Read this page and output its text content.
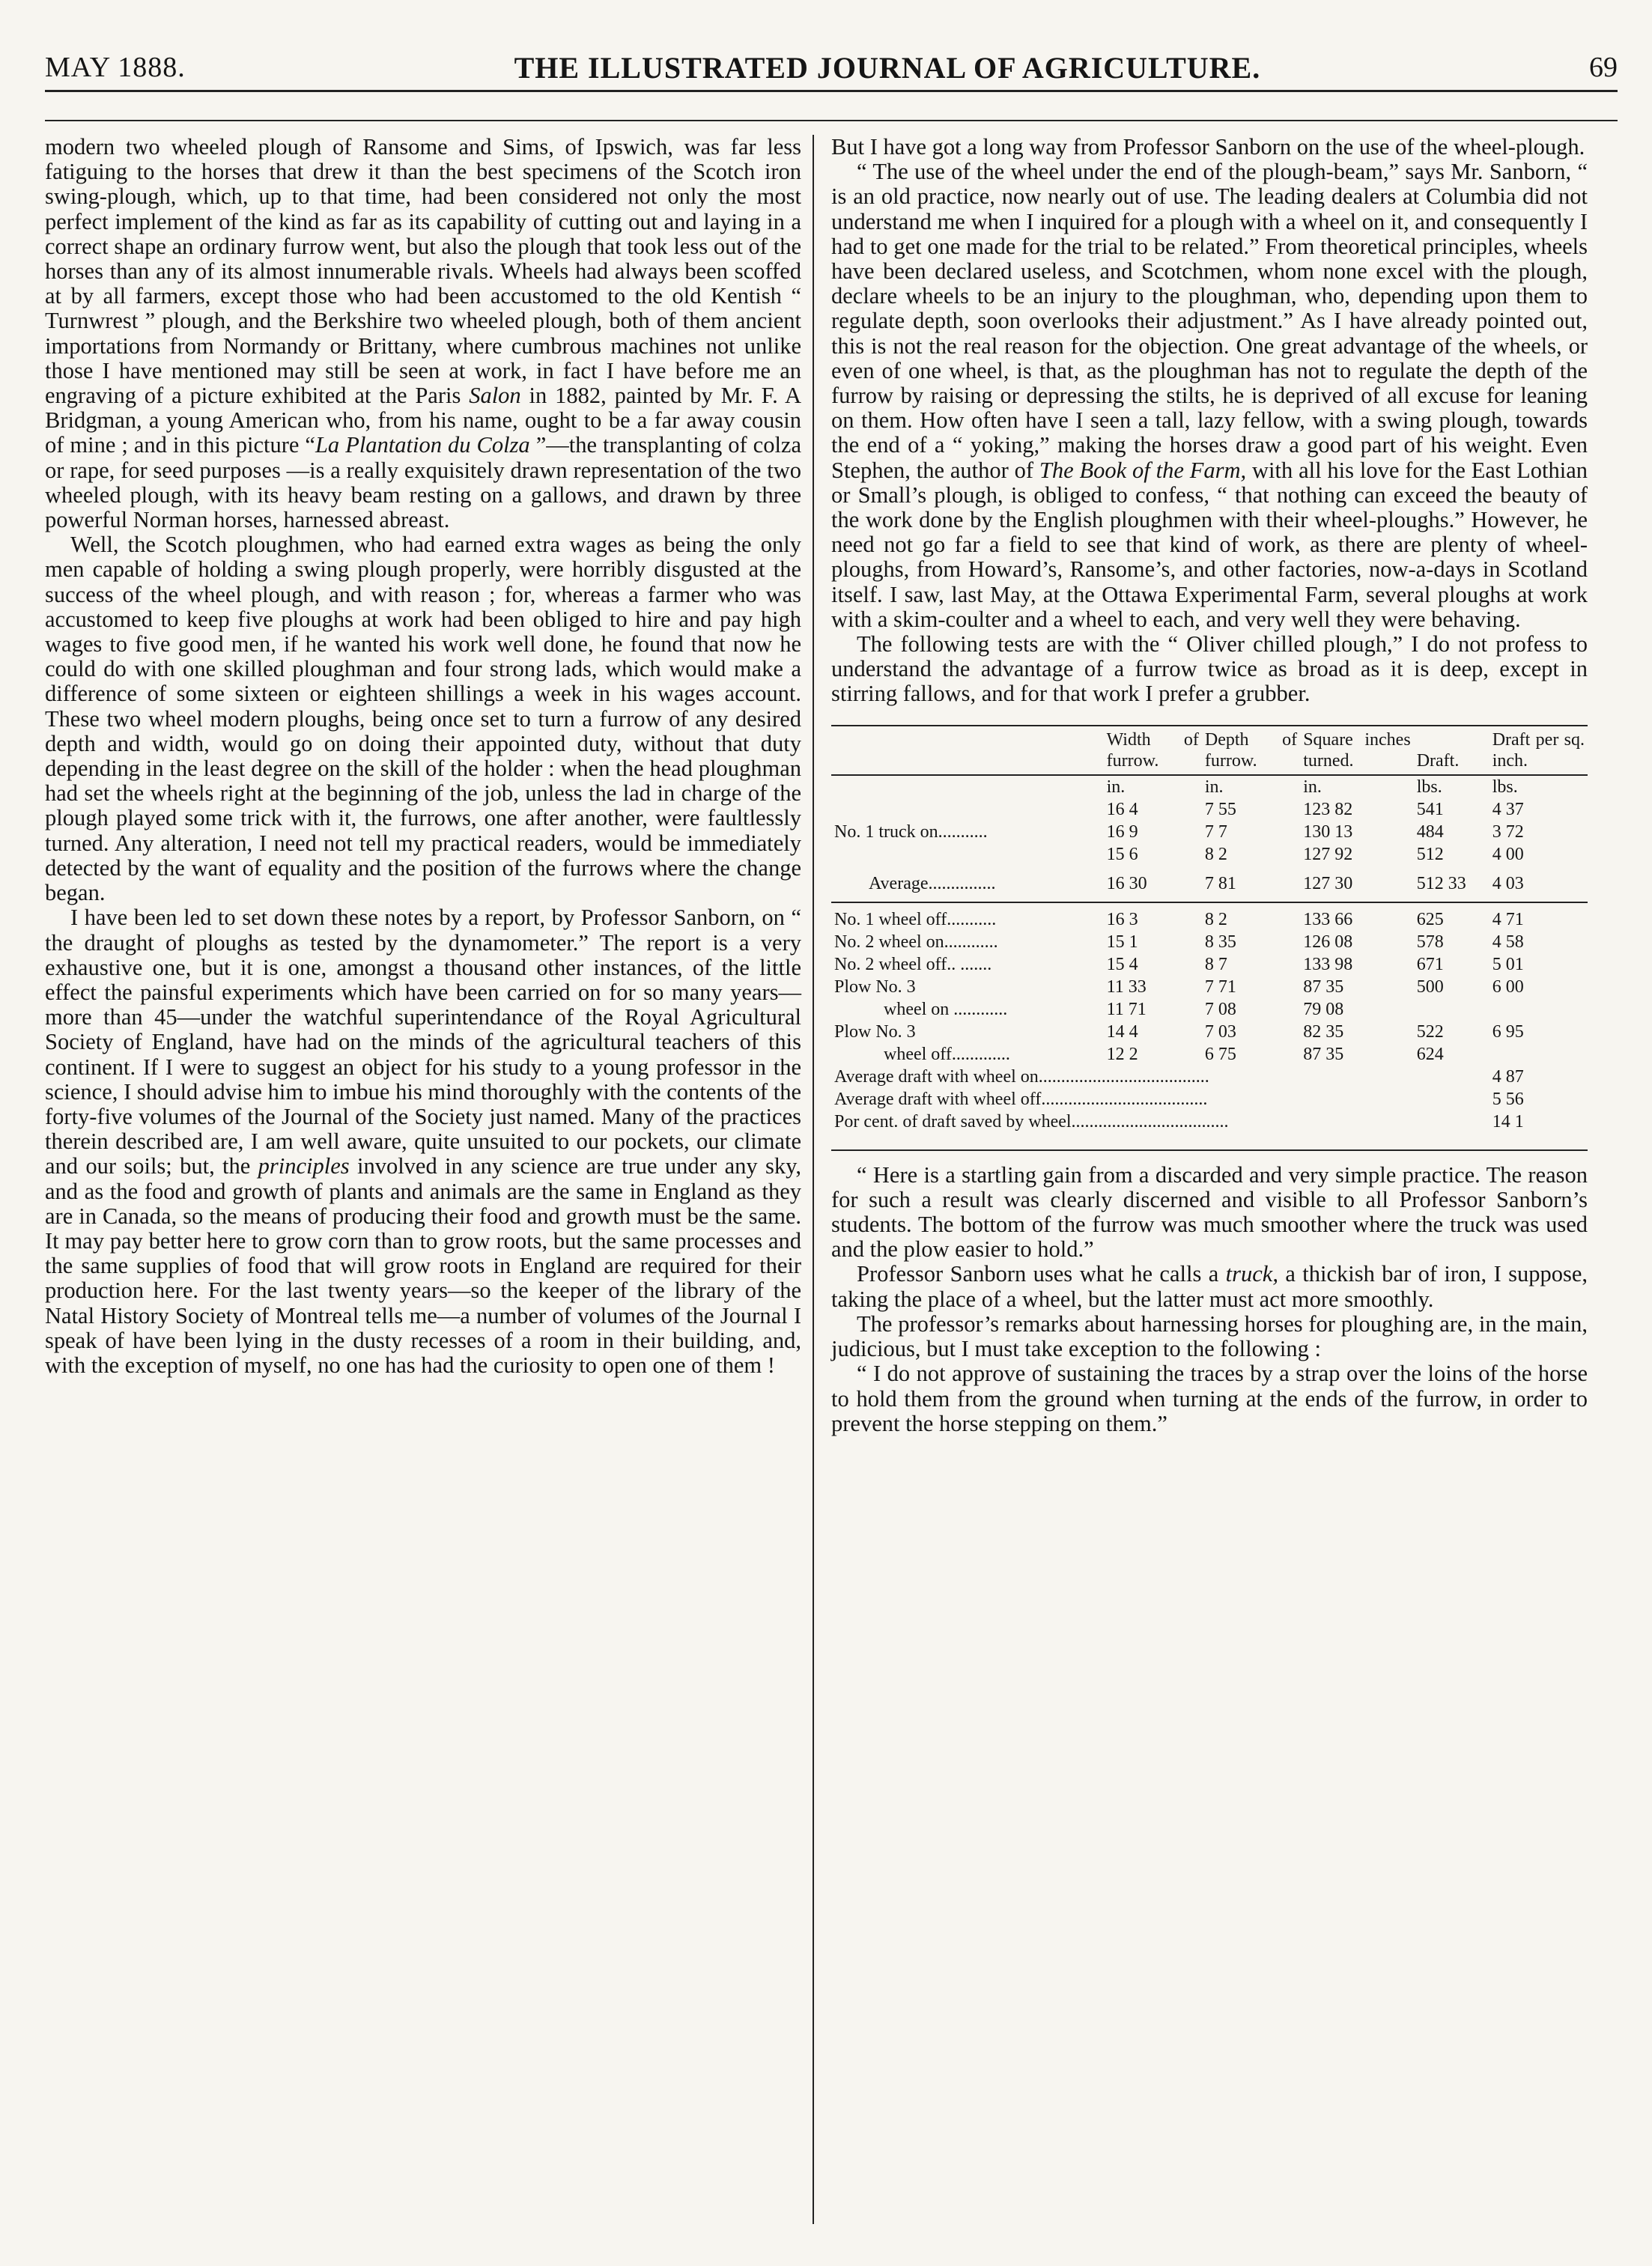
MAY 1888.	THE ILLUSTRATED JOURNAL OF AGRICULTURE.	69

modern two wheeled plough of Ransome and Sims, of Ipswich, was far less fatiguing to the horses that drew it than the best specimens of the Scotch iron swing-plough, which, up to that time, had been considered not only the most perfect implement of the kind as far as its capability of cutting out and laying in a correct shape an ordinary furrow went, but also the plough that took less out of the horses than any of its almost innumerable rivals. Wheels had always been scoffed at by all farmers, except those who had been accustomed to the old Kentish “ Turnwrest ” plough, and the Berkshire two wheeled plough, both of them ancient importations from Normandy or Brittany, where cumbrous machines not unlike those I have mentioned may still be seen at work, in fact I have before me an engraving of a picture exhibited at the Paris Salon in 1882, painted by Mr. F. A Bridgman, a young American who, from his name, ought to be a far away cousin of mine ; and in this picture “La Plantation du Colza ”—the transplanting of colza or rape, for seed purposes —is a really exquisitely drawn representation of the two wheeled plough, with its heavy beam resting on a gallows, and drawn by three powerful Norman horses, harnessed abreast.

Well, the Scotch ploughmen, who had earned extra wages as being the only men capable of holding a swing plough properly, were horribly disgusted at the success of the wheel plough, and with reason ; for, whereas a farmer who was accustomed to keep five ploughs at work had been obliged to hire and pay high wages to five good men, if he wanted his work well done, he found that now he could do with one skilled ploughman and four strong lads, which would make a difference of some sixteen or eighteen shillings a week in his wages account. These two wheel modern ploughs, being once set to turn a furrow of any desired depth and width, would go on doing their appointed duty, without that duty depending in the least degree on the skill of the holder : when the head ploughman had set the wheels right at the beginning of the job, unless the lad in charge of the plough played some trick with it, the furrows, one after another, were faultlessly turned. Any alteration, I need not tell my practical readers, would be immediately detected by the want of equality and the position of the furrows where the change began.

I have been led to set down these notes by a report, by Professor Sanborn, on “ the draught of ploughs as tested by the dynamometer.” The report is a very exhaustive one, but it is one, amongst a thousand other instances, of the little effect the painsful experiments which have been carried on for so many years—more than 45—under the watchful superintendance of the Royal Agricultural Society of England, have had on the minds of the agricultural teachers of this continent. If I were to suggest an object for his study to a young professor in the science, I should advise him to imbue his mind thoroughly with the contents of the forty-five volumes of the Journal of the Society just named. Many of the practices therein described are, I am well aware, quite unsuited to our pockets, our climate and our soils; but, the principles involved in any science are true under any sky, and as the food and growth of plants and animals are the same in England as they are in Canada, so the means of producing their food and growth must be the same. It may pay better here to grow corn than to grow roots, but the same processes and the same supplies of food that will grow roots in England are required for their production here. For the last twenty years—so the keeper of the library of the Natal History Society of Montreal tells me—a number of volumes of the Journal I speak of have been lying in the dusty recesses of a room in their building, and, with the exception of myself, no one has had the curiosity to open one of them !

But I have got a long way from Professor Sanborn on the use of the wheel-plough.

“ The use of the wheel under the end of the plough-beam,” says Mr. Sanborn, “ is an old practice, now nearly out of use. The leading dealers at Columbia did not understand me when I inquired for a plough with a wheel on it, and consequently I had to get one made for the trial to be related.” From theoretical principles, wheels have been declared useless, and Scotchmen, whom none excel with the plough, declare wheels to be an injury to the ploughman, who, depending upon them to regulate depth, soon overlooks their adjustment.” As I have already pointed out, this is not the real reason for the objection. One great advantage of the wheels, or even of one wheel, is that, as the ploughman has not to regulate the depth of the furrow by raising or depressing the stilts, he is deprived of all excuse for leaning on them. How often have I seen a tall, lazy fellow, with a swing plough, towards the end of a “ yoking,” making the horses draw a good part of his weight. Even Stephen, the author of The Book of the Farm, with all his love for the East Lothian or Small’s plough, is obliged to confess, “ that nothing can exceed the beauty of the work done by the English ploughmen with their wheel-ploughs.” However, he need not go far a field to see that kind of work, as there are plenty of wheel-ploughs, from Howard’s, Ransome’s, and other factories, now-a-days in Scotland itself. I saw, last May, at the Ottawa Experimental Farm, several ploughs at work with a skim-coulter and a wheel to each, and very well they were behaving.

The following tests are with the “ Oliver chilled plough,” I do not profess to understand the advantage of a furrow twice as broad as it is deep, except in stirring fallows, and for that work I prefer a grubber.

	Width of furrow.	Depth of furrow.	Square inches turned.	Draft.	Draft per sq. inch.
	in.	in.	in.	lbs.	lbs.
	16 4	7 55	123 82	541	4 37
No. 1 truck on...........	16 9	7 7	130 13	484	3 72
	15 6	8 2	127 92	512	4 00
Average...............	16 30	7 81	127 30	512 33	4 03
No. 1 wheel off...........	16 3	8 2	133 66	625	4 71
No. 2 wheel on............	15 1	8 35	126 08	578	4 58
No. 2 wheel off.. .......	15 4	8 7	133 98	671	5 01
Plow No. 3	11 33	7 71	87 35	500	6 00
wheel on ............	11 71	7 08	79 08		
Plow No. 3	14 4	7 03	82 35	522	6 95
wheel off.............	12 2	6 75	87 35	624	
Average draft with wheel on......................................					4 87
Average draft with wheel off.....................................					5 56
Por cent. of draft saved by wheel...................................					14 1

“ Here is a startling gain from a discarded and very simple practice. The reason for such a result was clearly discerned and visible to all Professor Sanborn’s students. The bottom of the furrow was much smoother where the truck was used and the plow easier to hold.”

Professor Sanborn uses what he calls a truck, a thickish bar of iron, I suppose, taking the place of a wheel, but the latter must act more smoothly.

The professor’s remarks about harnessing horses for ploughing are, in the main, judicious, but I must take exception to the following :

“ I do not approve of sustaining the traces by a strap over the loins of the horse to hold them from the ground when turning at the ends of the furrow, in order to prevent the horse stepping on them.”
